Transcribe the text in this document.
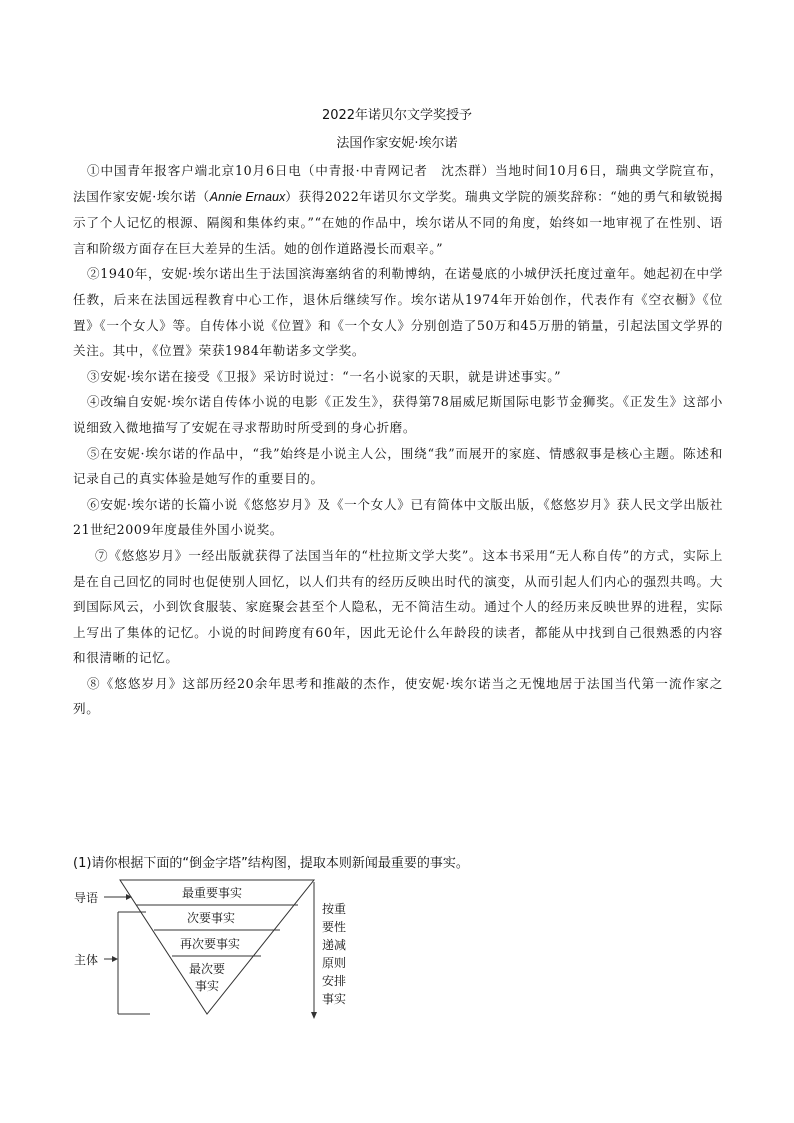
2022年诺贝尔文学奖授予
法国作家安妮·埃尔诺

①中国青年报客户端北京10月6日电（中青报·中青网记者　沈杰群）当地时间10月6日，瑞典文学院宣布，法国作家安妮·埃尔诺（Annie Ernaux）获得2022年诺贝尔文学奖。瑞典文学院的颁奖辞称：“她的勇气和敏锐揭示了个人记忆的根源、隔阂和集体约束。”“在她的作品中，埃尔诺从不同的角度，始终如一地审视了在性别、语言和阶级方面存在巨大差异的生活。她的创作道路漫长而艰辛。”

②1940年，安妮·埃尔诺出生于法国滨海塞纳省的利勒博纳，在诺曼底的小城伊沃托度过童年。她起初在中学任教，后来在法国远程教育中心工作，退休后继续写作。埃尔诺从1974年开始创作，代表作有《空衣橱》《位置》《一个女人》等。自传体小说《位置》和《一个女人》分别创造了50万和45万册的销量，引起法国文学界的关注。其中，《位置》荣获1984年勒诺多文学奖。

③安妮·埃尔诺在接受《卫报》采访时说过：“一名小说家的天职，就是讲述事实。”

④改编自安妮·埃尔诺自传体小说的电影《正发生》，获得第78届威尼斯国际电影节金狮奖。《正发生》这部小说细致入微地描写了安妮在寻求帮助时所受到的身心折磨。

⑤在安妮·埃尔诺的作品中，“我”始终是小说主人公，围绕“我”而展开的家庭、情感叙事是核心主题。陈述和记录自己的真实体验是她写作的重要目的。

⑥安妮·埃尔诺的长篇小说《悠悠岁月》及《一个女人》已有简体中文版出版，《悠悠岁月》获人民文学出版社21世纪2009年度最佳外国小说奖。

⑦《悠悠岁月》一经出版就获得了法国当年的“杜拉斯文学大奖”。这本书采用“无人称自传”的方式，实际上是在自己回忆的同时也促使别人回忆，以人们共有的经历反映出时代的演变，从而引起人们内心的强烈共鸣。大到国际风云，小到饮食服装、家庭聚会甚至个人隐私，无不简洁生动。通过个人的经历来反映世界的进程，实际上写出了集体的记忆。小说的时间跨度有60年，因此无论什么年龄段的读者，都能从中找到自己很熟悉的内容和很清晰的记忆。

⑧《悠悠岁月》这部历经20余年思考和推敲的杰作，使安妮·埃尔诺当之无愧地居于法国当代第一流作家之列。

(1)请你根据下面的“倒金字塔”结构图，提取本则新闻最重要的事实。
最重要事实
次要事实
再次要事实
最次要
事实
导语
主体
按重要性递减原则安排事实
